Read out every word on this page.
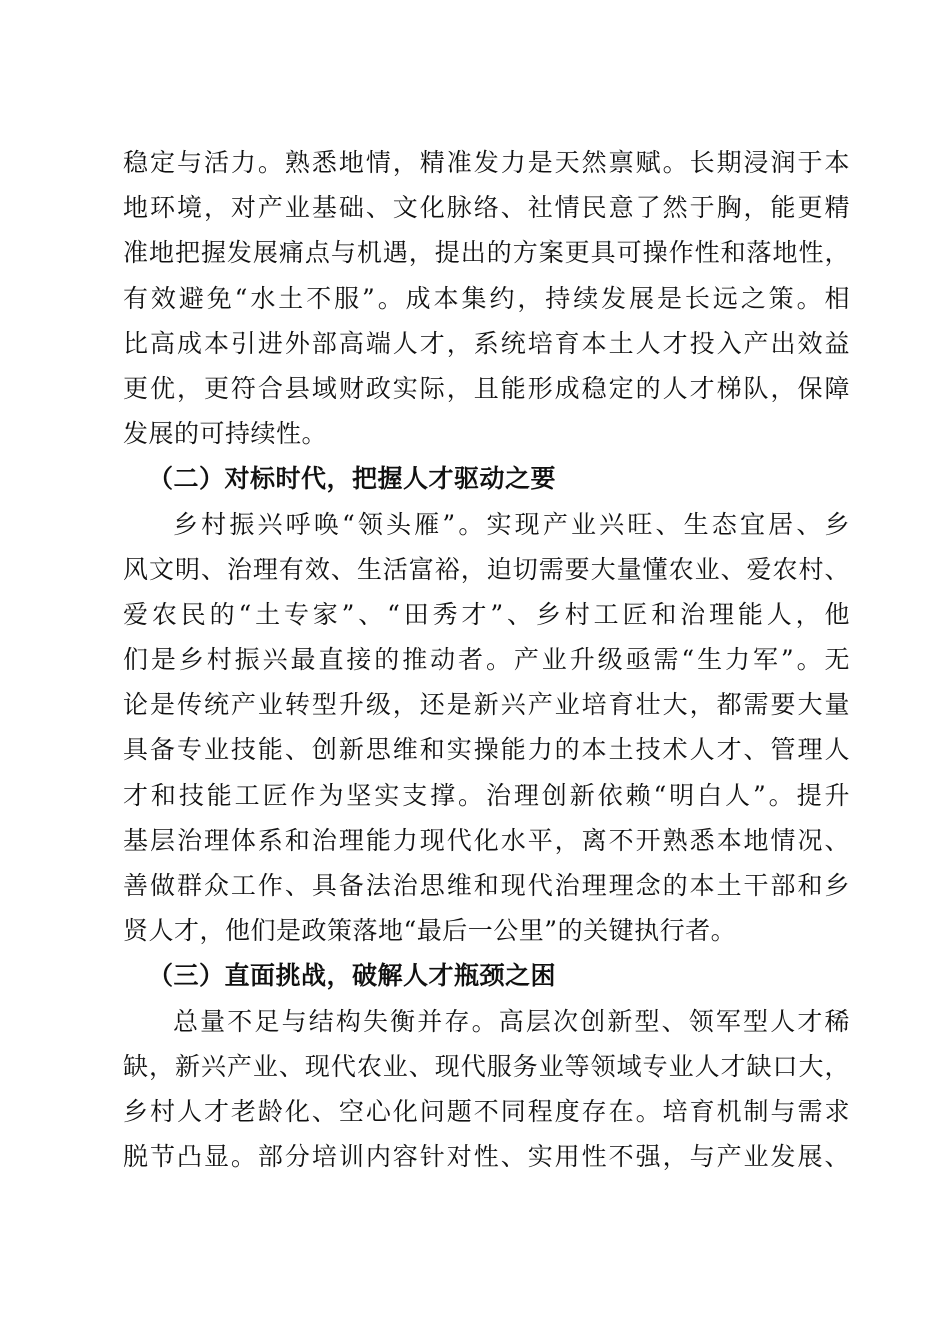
稳定与活力。熟悉地情，精准发力是天然禀赋。长期浸润于本
地环境，对产业基础、文化脉络、社情民意了然于胸，能更精
准地把握发展痛点与机遇，提出的方案更具可操作性和落地性，
有效避免“水土不服”。成本集约，持续发展是长远之策。相
比高成本引进外部高端人才，系统培育本土人才投入产出效益
更优，更符合县域财政实际，且能形成稳定的人才梯队，保障
发展的可持续性。
（二）对标时代，把握人才驱动之要
乡村振兴呼唤“领头雁”。实现产业兴旺、生态宜居、乡
风文明、治理有效、生活富裕，迫切需要大量懂农业、爱农村、
爱农民的“土专家”、“田秀才”、乡村工匠和治理能人，他
们是乡村振兴最直接的推动者。产业升级亟需“生力军”。无
论是传统产业转型升级，还是新兴产业培育壮大，都需要大量
具备专业技能、创新思维和实操能力的本土技术人才、管理人
才和技能工匠作为坚实支撑。治理创新依赖“明白人”。提升
基层治理体系和治理能力现代化水平，离不开熟悉本地情况、
善做群众工作、具备法治思维和现代治理理念的本土干部和乡
贤人才，他们是政策落地“最后一公里”的关键执行者。
（三）直面挑战，破解人才瓶颈之困
总量不足与结构失衡并存。高层次创新型、领军型人才稀
缺，新兴产业、现代农业、现代服务业等领域专业人才缺口大，
乡村人才老龄化、空心化问题不同程度存在。培育机制与需求
脱节凸显。部分培训内容针对性、实用性不强，与产业发展、
